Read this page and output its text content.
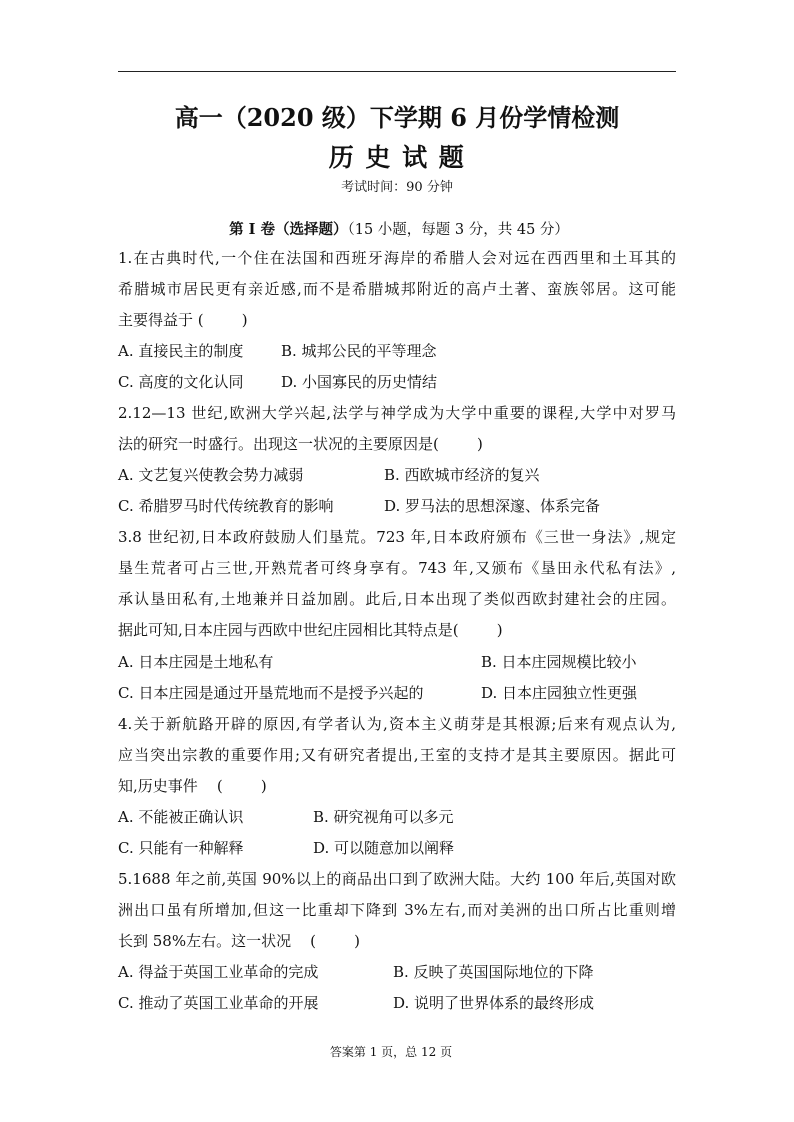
高一（2020 级）下学期 6 月份学情检测
历 史 试 题
考试时间：90 分钟
第 I 卷（选择题）（15 小题，每题 3 分，共 45 分）
1.在古典时代,一个住在法国和西班牙海岸的希腊人会对远在西西里和土耳其的
希腊城市居民更有亲近感,而不是希腊城邦附近的高卢土著、蛮族邻居。这可能
主要得益于 (        )
A. 直接民主的制度	B. 城邦公民的平等理念
C. 高度的文化认同	D. 小国寡民的历史情结
2.12—13 世纪,欧洲大学兴起,法学与神学成为大学中重要的课程,大学中对罗马
法的研究一时盛行。出现这一状况的主要原因是(        )
A. 文艺复兴使教会势力减弱	B. 西欧城市经济的复兴
C. 希腊罗马时代传统教育的影响	D. 罗马法的思想深邃、体系完备
3.8 世纪初,日本政府鼓励人们垦荒。723 年,日本政府颁布《三世一身法》,规定
垦生荒者可占三世,开熟荒者可终身享有。743 年,又颁布《垦田永代私有法》,
承认垦田私有,土地兼并日益加剧。此后,日本出现了类似西欧封建社会的庄园。
据此可知,日本庄园与西欧中世纪庄园相比其特点是(        )
A. 日本庄园是土地私有	B. 日本庄园规模比较小
C. 日本庄园是通过开垦荒地而不是授予兴起的	D. 日本庄园独立性更强
4.关于新航路开辟的原因,有学者认为,资本主义萌芽是其根源;后来有观点认为,
应当突出宗教的重要作用;又有研究者提出,王室的支持才是其主要原因。据此可
知,历史事件    (        )
A. 不能被正确认识	B. 研究视角可以多元
C. 只能有一种解释	D. 可以随意加以阐释
5.1688 年之前,英国 90%以上的商品出口到了欧洲大陆。大约 100 年后,英国对欧
洲出口虽有所增加,但这一比重却下降到 3%左右,而对美洲的出口所占比重则增
长到 58%左右。这一状况    (        )
A. 得益于英国工业革命的完成	B. 反映了英国国际地位的下降
C. 推动了英国工业革命的开展	D. 说明了世界体系的最终形成
答案第 1 页，总 12 页
